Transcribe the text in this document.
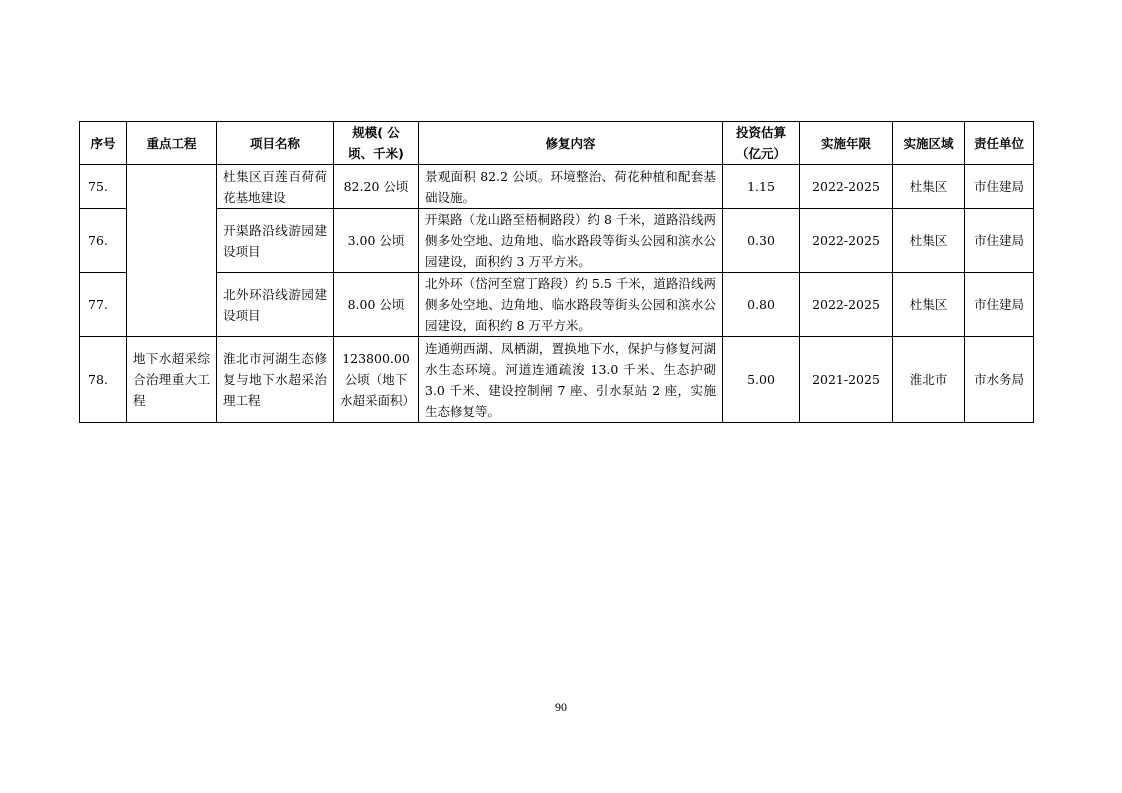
序号	重点工程	项目名称	规模( 公顷、千米)	修复内容	投资估算（亿元）	实施年限	实施区域	责任单位
75.		杜集区百莲百荷荷花基地建设	82.20 公顷	景观面积 82.2 公顷。环境整治、荷花种植和配套基础设施。	1.15	2022-2025	杜集区	市住建局
76.		开渠路沿线游园建设项目	3.00 公顷	开渠路（龙山路至梧桐路段）约 8 千米，道路沿线两侧多处空地、边角地、临水路段等街头公园和滨水公园建设，面积约 3 万平方米。	0.30	2022-2025	杜集区	市住建局
77.		北外环沿线游园建设项目	8.00 公顷	北外环（岱河至窟丁路段）约 5.5 千米，道路沿线两侧多处空地、边角地、临水路段等街头公园和滨水公园建设，面积约 8 万平方米。	0.80	2022-2025	杜集区	市住建局
78.	地下水超采综合治理重大工程	淮北市河湖生态修复与地下水超采治理工程	123800.00 公顷（地下水超采面积）	连通朔西湖、凤栖湖，置换地下水，保护与修复河湖水生态环境。河道连通疏浚 13.0 千米、生态护砌 3.0 千米、建设控制闸 7 座、引水泵站 2 座，实施生态修复等。	5.00	2021-2025	淮北市	市水务局
90
